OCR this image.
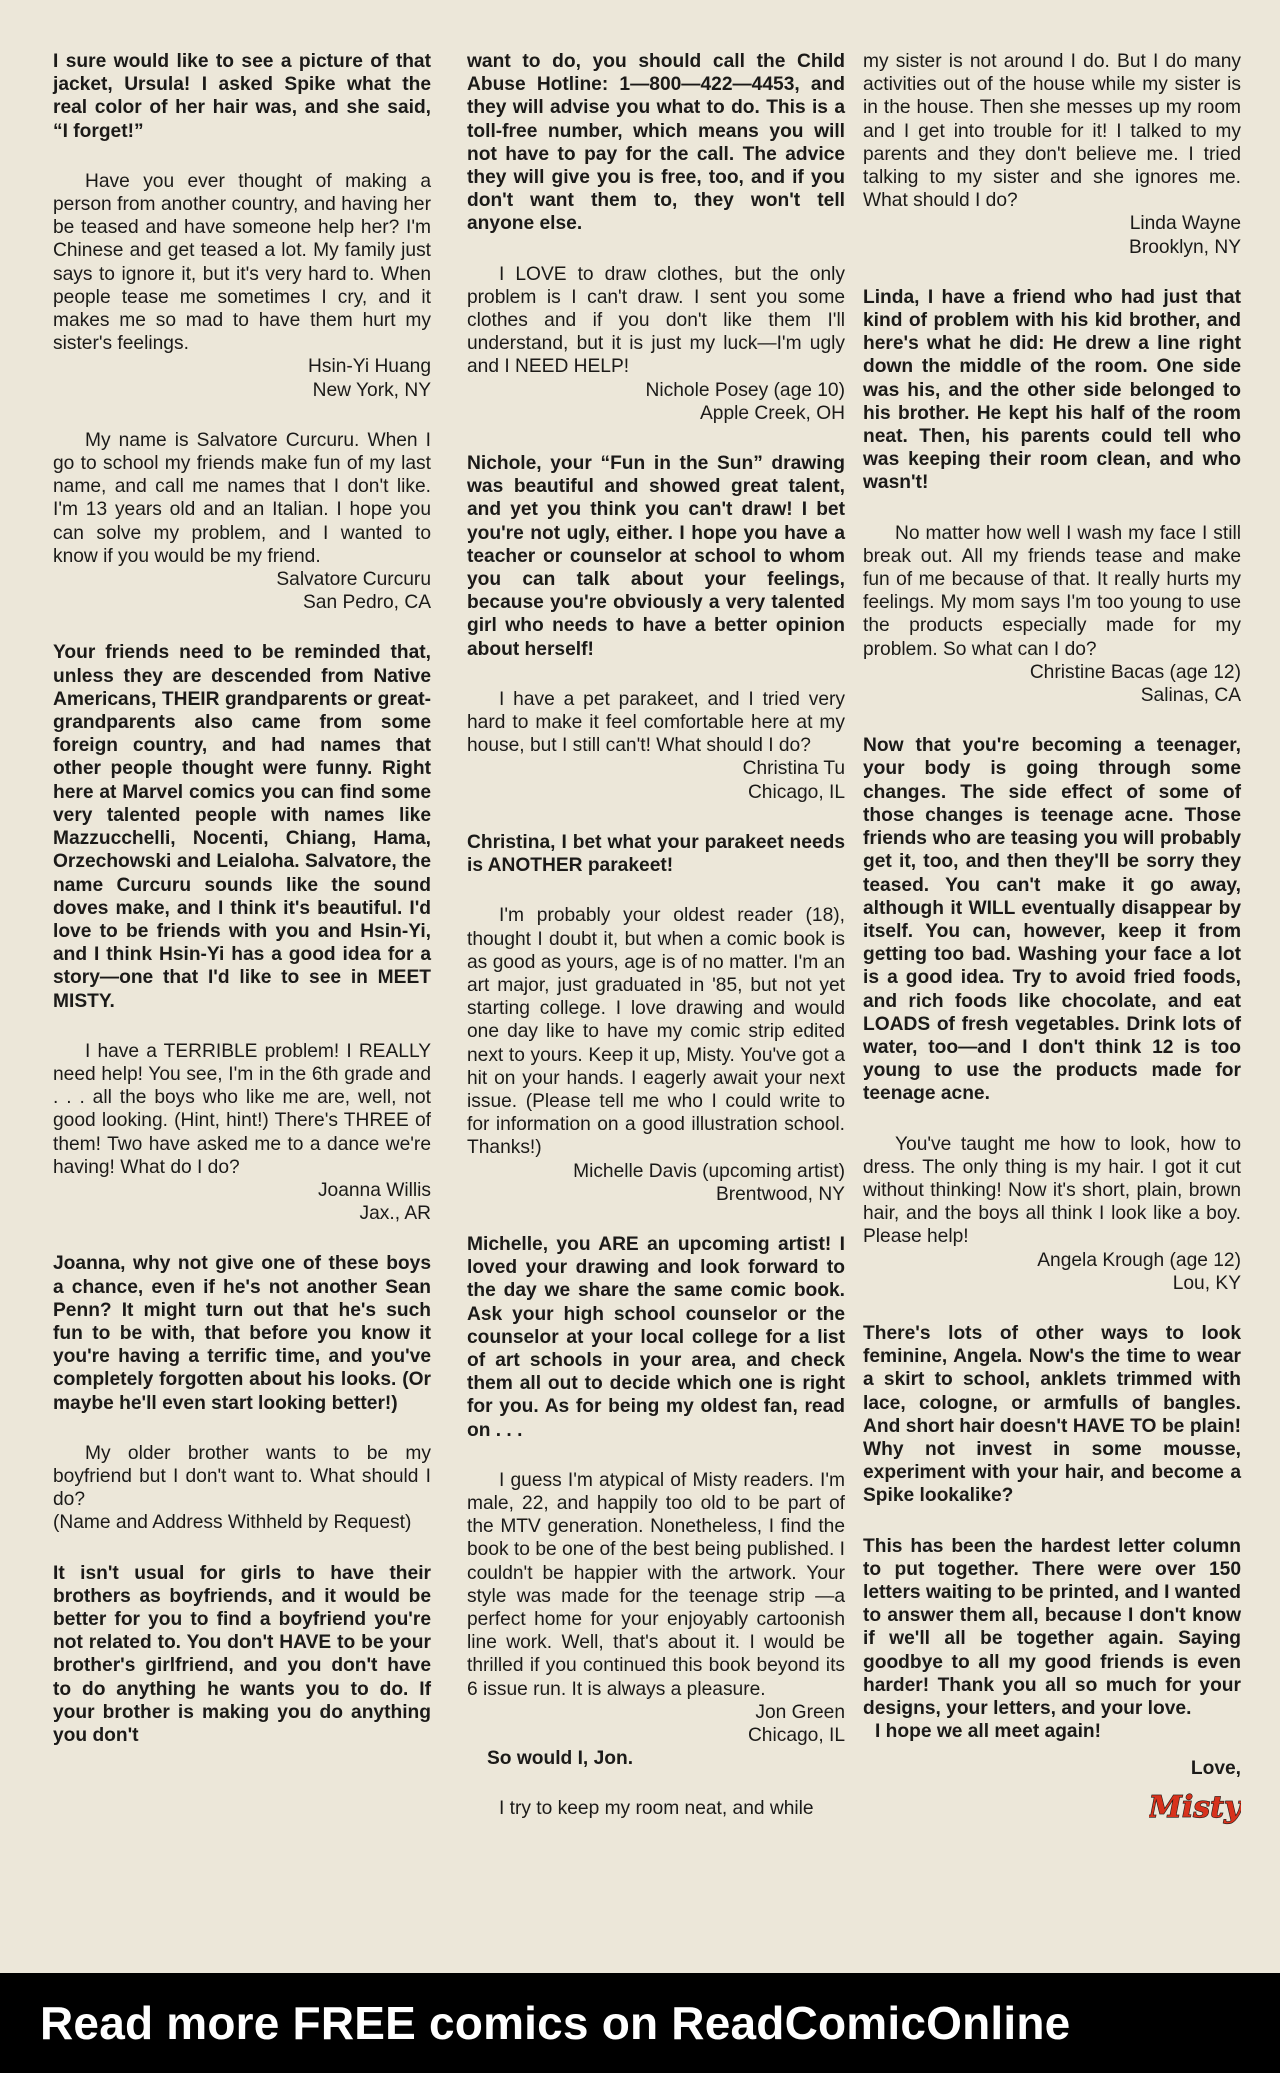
I sure would like to see a picture of that jacket, Ursula! I asked Spike what the real color of her hair was, and she said, “I forget!”

Have you ever thought of making a person from another country, and having her be teased and have someone help her? I'm Chinese and get teased a lot. My family just says to ignore it, but it's very hard to. When people tease me sometimes I cry, and it makes me so mad to have them hurt my sister's feelings.

Hsin-Yi Huang

New York, NY

My name is Salvatore Curcuru. When I go to school my friends make fun of my last name, and call me names that I don't like. I'm 13 years old and an Italian. I hope you can solve my problem, and I wanted to know if you would be my friend.

Salvatore Curcuru

San Pedro, CA

Your friends need to be reminded that, unless they are descended from Native Americans, THEIR grandparents or great-grandparents also came from some foreign country, and had names that other people thought were funny. Right here at Marvel comics you can find some very talented people with names like Mazzucchelli, Nocenti, Chiang, Hama, Orzechowski and Leialoha. Salvatore, the name Curcuru sounds like the sound doves make, and I think it's beautiful. I'd love to be friends with you and Hsin-Yi, and I think Hsin-Yi has a good idea for a story—one that I'd like to see in MEET MISTY.

I have a TERRIBLE problem! I REALLY need help! You see, I'm in the 6th grade and . . . all the boys who like me are, well, not good looking. (Hint, hint!) There's THREE of them! Two have asked me to a dance we're having! What do I do?

Joanna Willis

Jax., AR

Joanna, why not give one of these boys a chance, even if he's not another Sean Penn? It might turn out that he's such fun to be with, that before you know it you're having a terrific time, and you've completely forgotten about his looks. (Or maybe he'll even start looking better!)

My older brother wants to be my boyfriend but I don't want to. What should I do?

(Name and Address Withheld by Request)

It isn't usual for girls to have their brothers as boyfriends, and it would be better for you to find a boyfriend you're not related to. You don't HAVE to be your brother's girlfriend, and you don't have to do anything he wants you to do. If your brother is making you do anything you don't

want to do, you should call the Child Abuse Hotline: 1—800—422—4453, and they will advise you what to do. This is a toll-free number, which means you will not have to pay for the call. The advice they will give you is free, too, and if you don't want them to, they won't tell anyone else.

I LOVE to draw clothes, but the only problem is I can't draw. I sent you some clothes and if you don't like them I'll understand, but it is just my luck—I'm ugly and I NEED HELP!

Nichole Posey (age 10)

Apple Creek, OH

Nichole, your “Fun in the Sun” drawing was beautiful and showed great talent, and yet you think you can't draw! I bet you're not ugly, either. I hope you have a teacher or counselor at school to whom you can talk about your feelings, because you're obviously a very talented girl who needs to have a better opinion about herself!

I have a pet parakeet, and I tried very hard to make it feel comfortable here at my house, but I still can't! What should I do?

Christina Tu

Chicago, IL

Christina, I bet what your parakeet needs is ANOTHER parakeet!

I'm probably your oldest reader (18), thought I doubt it, but when a comic book is as good as yours, age is of no matter. I'm an art major, just graduated in '85, but not yet starting college. I love drawing and would one day like to have my comic strip edited next to yours. Keep it up, Misty. You've got a hit on your hands. I eagerly await your next issue. (Please tell me who I could write to for information on a good illustration school. Thanks!)

Michelle Davis (upcoming artist)

Brentwood, NY

Michelle, you ARE an upcoming artist! I loved your drawing and look forward to the day we share the same comic book. Ask your high school counselor or the counselor at your local college for a list of art schools in your area, and check them all out to decide which one is right for you. As for being my oldest fan, read on . . .

I guess I'm atypical of Misty readers. I'm male, 22, and happily too old to be part of the MTV generation. Nonetheless, I find the book to be one of the best being published. I couldn't be happier with the artwork. Your style was made for the teenage strip —a perfect home for your enjoyably cartoonish line work. Well, that's about it. I would be thrilled if you continued this book beyond its 6 issue run. It is always a pleasure.

Jon Green

Chicago, IL

So would I, Jon.

I try to keep my room neat, and while

my sister is not around I do. But I do many activities out of the house while my sister is in the house. Then she messes up my room and I get into trouble for it! I talked to my parents and they don't believe me. I tried talking to my sister and she ignores me. What should I do?

Linda Wayne

Brooklyn, NY

Linda, I have a friend who had just that kind of problem with his kid brother, and here's what he did: He drew a line right down the middle of the room. One side was his, and the other side belonged to his brother. He kept his half of the room neat. Then, his parents could tell who was keeping their room clean, and who wasn't!

No matter how well I wash my face I still break out. All my friends tease and make fun of me because of that. It really hurts my feelings. My mom says I'm too young to use the products especially made for my problem. So what can I do?

Christine Bacas (age 12)

Salinas, CA

Now that you're becoming a teenager, your body is going through some changes. The side effect of some of those changes is teenage acne. Those friends who are teasing you will probably get it, too, and then they'll be sorry they teased. You can't make it go away, although it WILL eventually disappear by itself. You can, however, keep it from getting too bad. Washing your face a lot is a good idea. Try to avoid fried foods, and rich foods like chocolate, and eat LOADS of fresh vegetables. Drink lots of water, too—and I don't think 12 is too young to use the products made for teenage acne.

You've taught me how to look, how to dress. The only thing is my hair. I got it cut without thinking! Now it's short, plain, brown hair, and the boys all think I look like a boy. Please help!

Angela Krough (age 12)

Lou, KY

There's lots of other ways to look feminine, Angela. Now's the time to wear a skirt to school, anklets trimmed with lace, cologne, or armfulls of bangles. And short hair doesn't HAVE TO be plain! Why not invest in some mousse, experiment with your hair, and become a Spike lookalike?

This has been the hardest letter column to put together. There were over 150 letters waiting to be printed, and I wanted to answer them all, because I don't know if we'll all be together again. Saying goodbye to all my good friends is even harder! Thank you all so much for your designs, your letters, and your love.

I hope we all meet again!

Love,

Misty
Read more FREE comics on ReadComicOnline
